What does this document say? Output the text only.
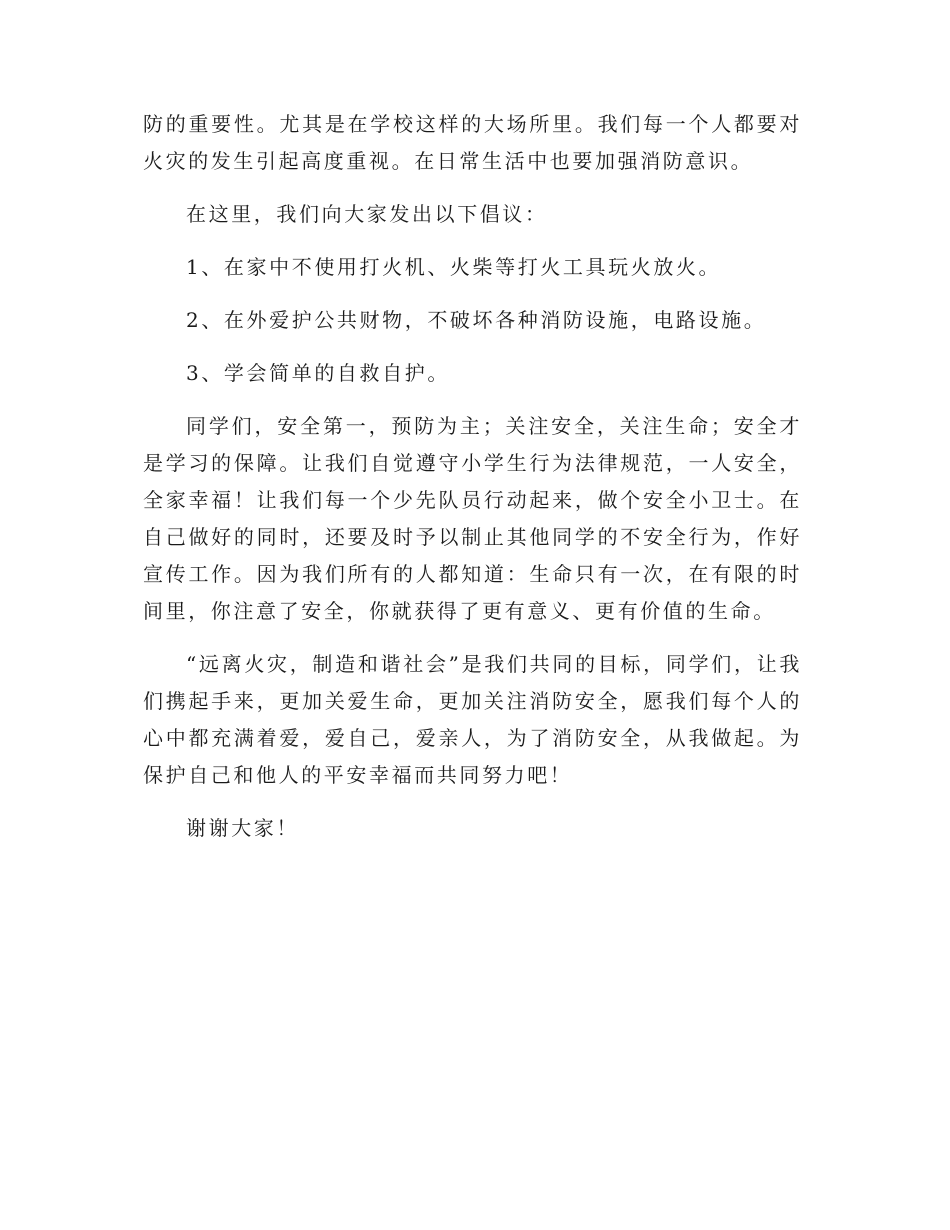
防的重要性。尤其是在学校这样的大场所里。我们每一个人都要对火灾的发生引起高度重视。在日常生活中也要加强消防意识。

在这里，我们向大家发出以下倡议：

1、在家中不使用打火机、火柴等打火工具玩火放火。

2、在外爱护公共财物，不破坏各种消防设施，电路设施。

3、学会简单的自救自护。

同学们，安全第一，预防为主；关注安全，关注生命；安全才是学习的保障。让我们自觉遵守小学生行为法律规范，一人安全，全家幸福！让我们每一个少先队员行动起来，做个安全小卫士。在自己做好的同时，还要及时予以制止其他同学的不安全行为，作好宣传工作。因为我们所有的人都知道：生命只有一次，在有限的时间里，你注意了安全，你就获得了更有意义、更有价值的生命。

“远离火灾，制造和谐社会”是我们共同的目标，同学们，让我们携起手来，更加关爱生命，更加关注消防安全，愿我们每个人的心中都充满着爱，爱自己，爱亲人，为了消防安全，从我做起。为保护自己和他人的平安幸福而共同努力吧！

谢谢大家！
